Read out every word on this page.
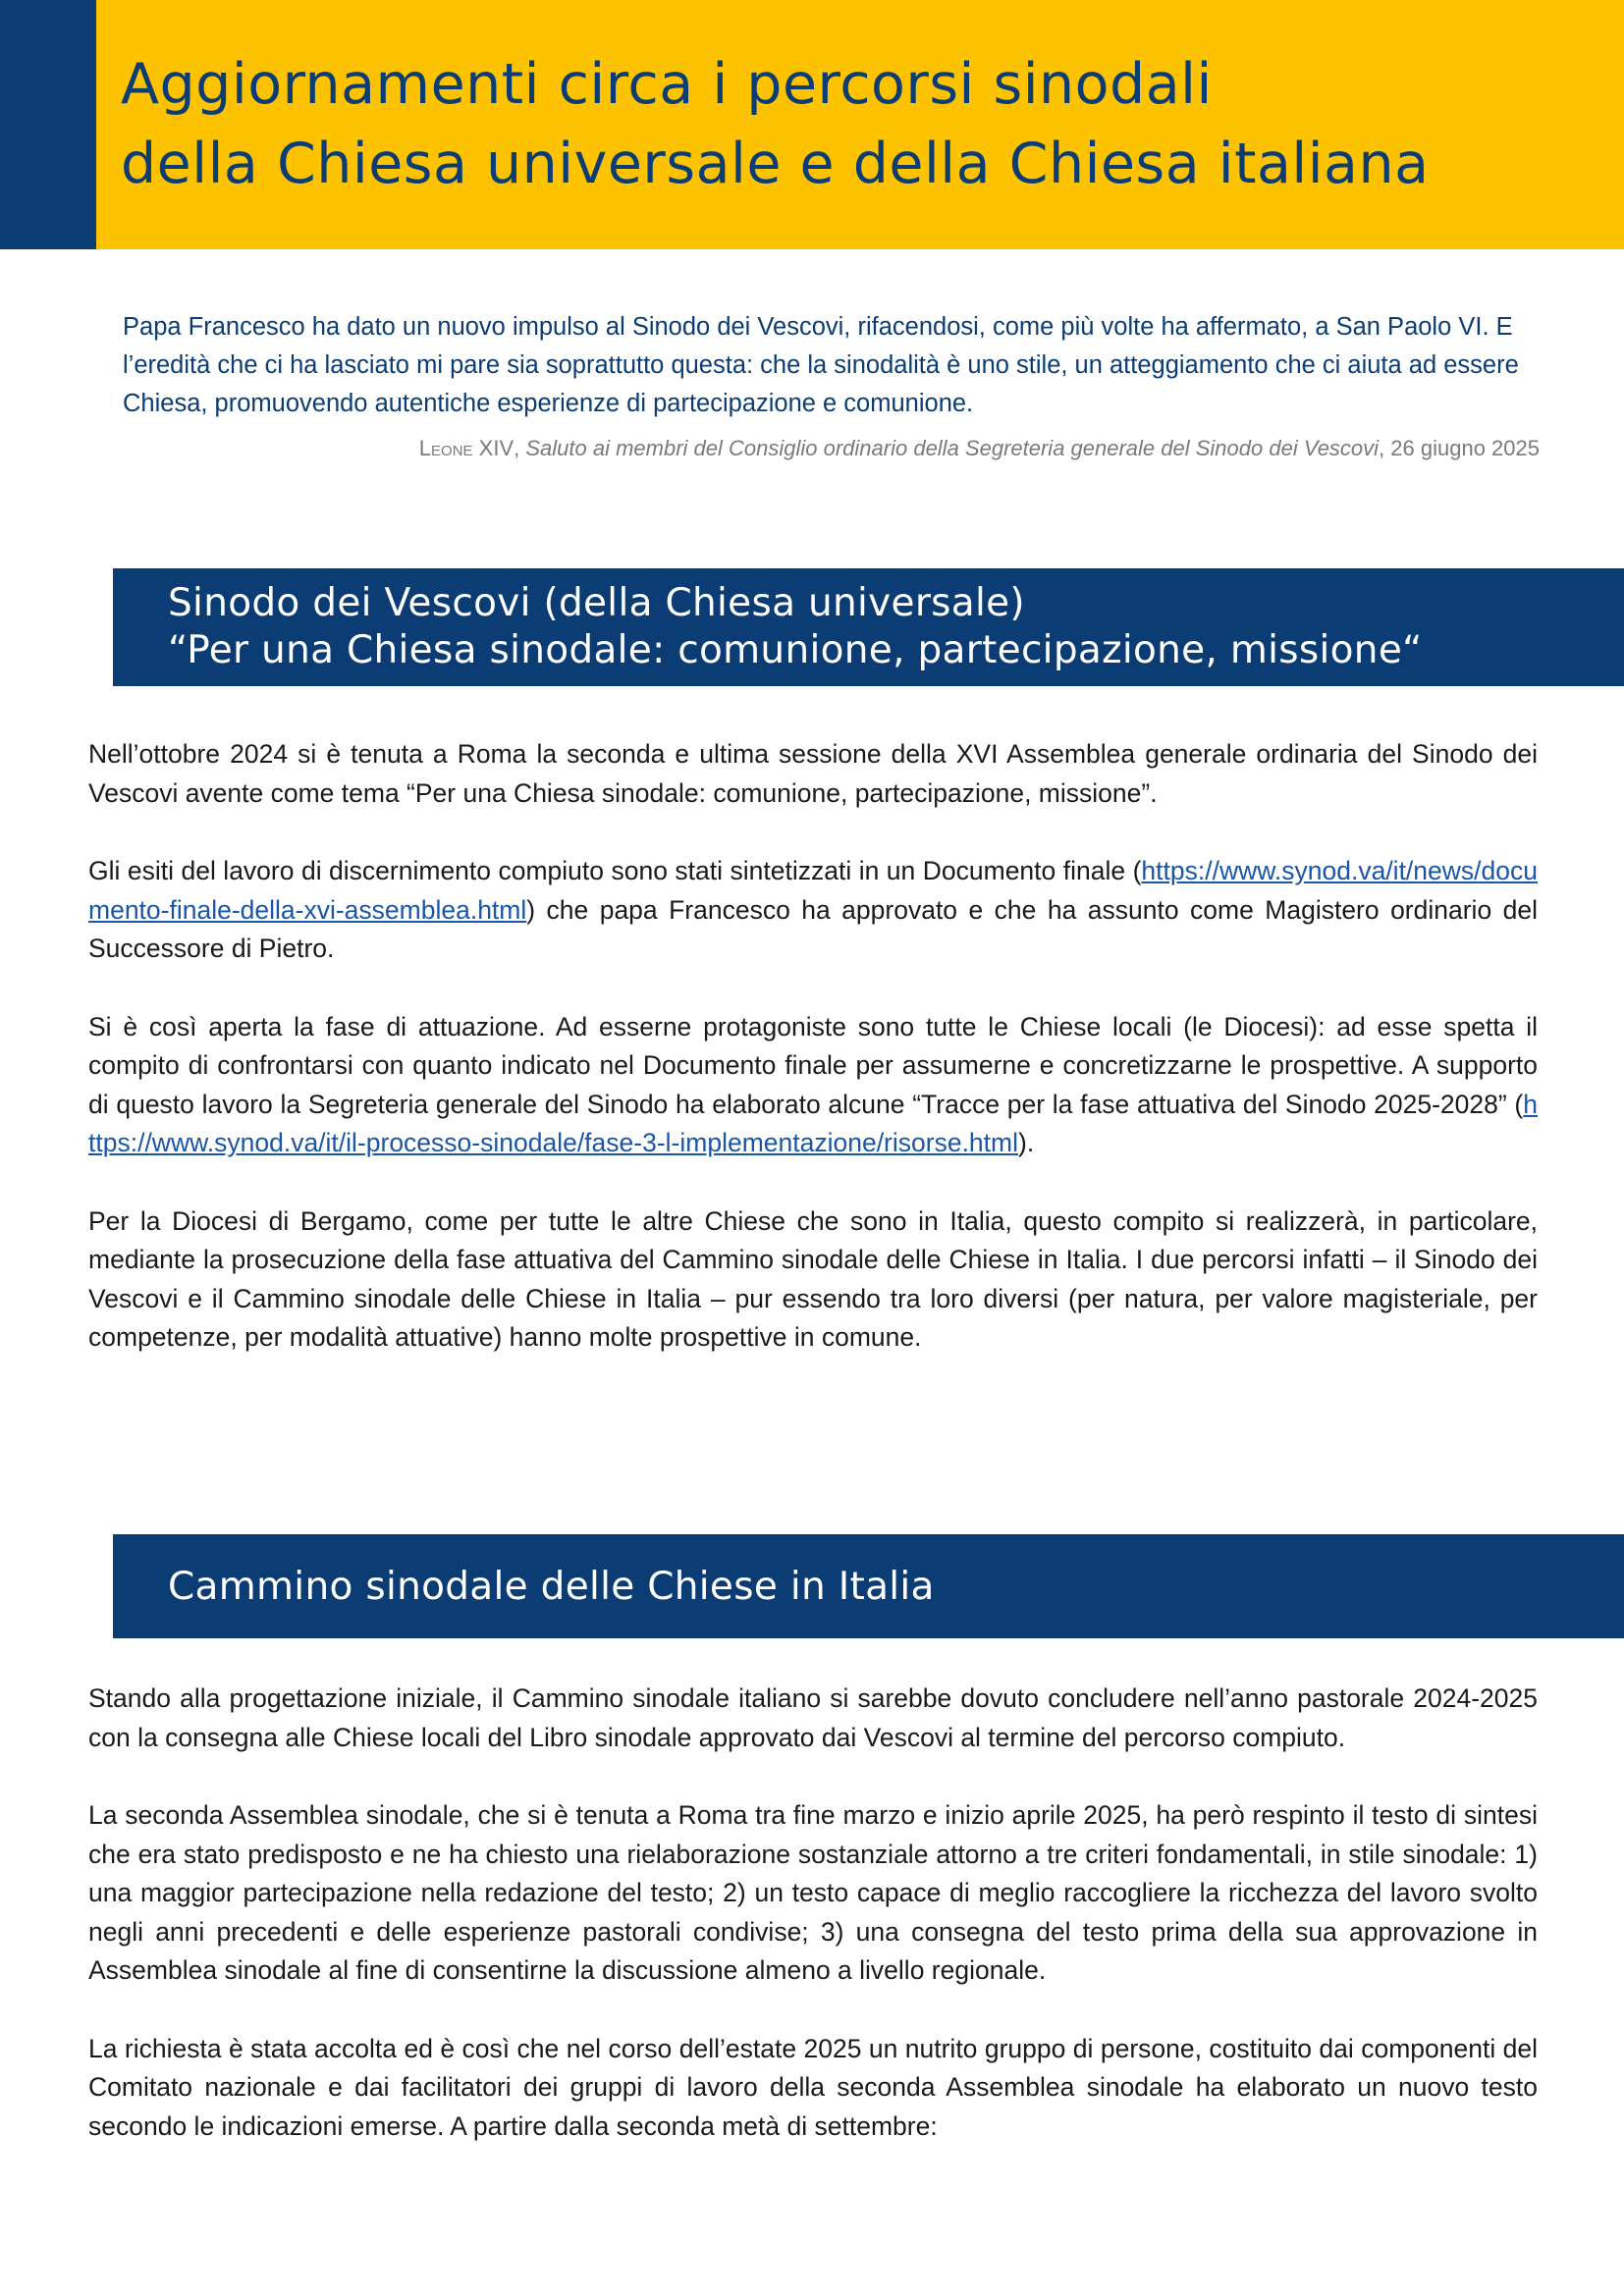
Aggiornamenti circa i percorsi sinodali
della Chiesa universale e della Chiesa italiana

Papa Francesco ha dato un nuovo impulso al Sinodo dei Vescovi, rifacendosi, come più volte ha affermato, a San Paolo VI. E l’eredità che ci ha lasciato mi pare sia soprattutto questa: che la sinodalità è uno stile, un atteggiamento che ci aiuta ad essere Chiesa, promuovendo autentiche esperienze di partecipazione e comunione.

Leone XIV, Saluto ai membri del Consiglio ordinario della Segreteria generale del Sinodo dei Vescovi, 26 giugno 2025

Sinodo dei Vescovi (della Chiesa universale)
“Per una Chiesa sinodale: comunione, partecipazione, missione“

Nell’ottobre 2024 si è tenuta a Roma la seconda e ultima sessione della XVI Assemblea generale ordinaria del Sinodo dei Vescovi avente come tema “Per una Chiesa sinodale: comunione, partecipazione, missione”.

Gli esiti del lavoro di discernimento compiuto sono stati sintetizzati in un Documento finale (https://www.synod.va/it/news/documento-finale-della-xvi-assemblea.html) che papa Francesco ha approvato e che ha assunto come Magistero ordinario del Successore di Pietro.

Si è così aperta la fase di attuazione. Ad esserne protagoniste sono tutte le Chiese locali (le Diocesi): ad esse spetta il compito di confrontarsi con quanto indicato nel Documento finale per assumerne e concretizzarne le prospettive. A supporto di questo lavoro la Segreteria generale del Sinodo ha elaborato alcune “Tracce per la fase attuativa del Sinodo 2025-2028” (https://www.synod.va/it/il-processo-sinodale/fase-3-l-implementazione/risorse.html).

Per la Diocesi di Bergamo, come per tutte le altre Chiese che sono in Italia, questo compito si realizzerà, in particolare, mediante la prosecuzione della fase attuativa del Cammino sinodale delle Chiese in Italia. I due percorsi infatti – il Sinodo dei Vescovi e il Cammino sinodale delle Chiese in Italia – pur essendo tra loro diversi (per natura, per valore magisteriale, per competenze, per modalità attuative) hanno molte prospettive in comune.

Cammino sinodale delle Chiese in Italia

Stando alla progettazione iniziale, il Cammino sinodale italiano si sarebbe dovuto concludere nell’anno pastorale 2024-2025 con la consegna alle Chiese locali del Libro sinodale approvato dai Vescovi al termine del percorso compiuto.

La seconda Assemblea sinodale, che si è tenuta a Roma tra fine marzo e inizio aprile 2025, ha però respinto il testo di sintesi che era stato predisposto e ne ha chiesto una rielaborazione sostanziale attorno a tre criteri fondamentali, in stile sinodale: 1) una maggior partecipazione nella redazione del testo; 2) un testo capace di meglio raccogliere la ricchezza del lavoro svolto negli anni precedenti e delle esperienze pastorali condivise; 3) una consegna del testo prima della sua approvazione in Assemblea sinodale al fine di consentirne la discussione almeno a livello regionale.

La richiesta è stata accolta ed è così che nel corso dell’estate 2025 un nutrito gruppo di persone, costituito dai componenti del Comitato nazionale e dai facilitatori dei gruppi di lavoro della seconda Assemblea sinodale ha elaborato un nuovo testo secondo le indicazioni emerse. A partire dalla seconda metà di settembre:
